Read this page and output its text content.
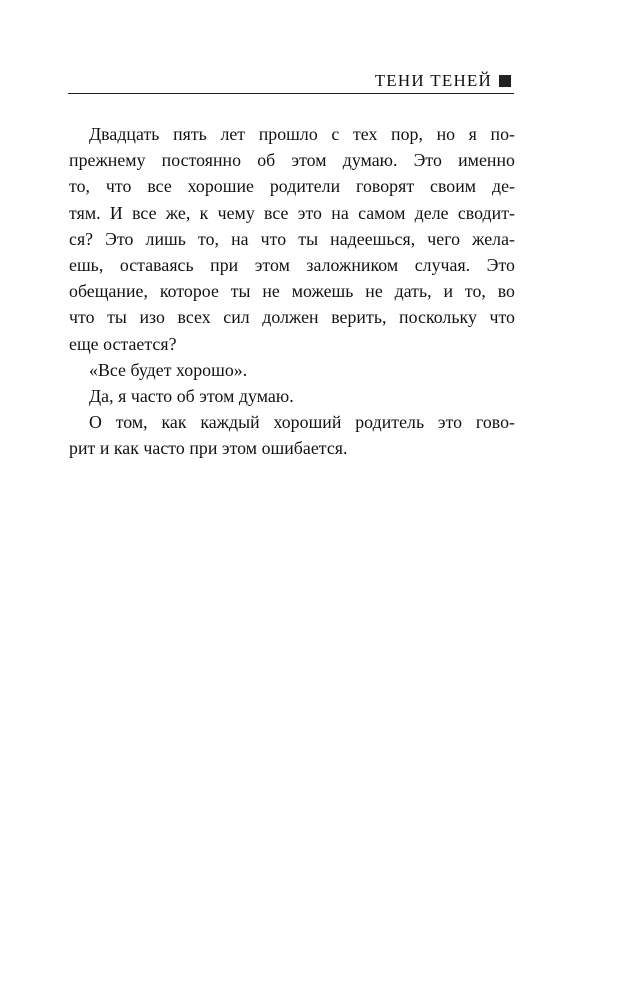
ТЕНИ ТЕНЕЙ
Двадцать пять лет прошло с тех пор, но я по-
прежнему постоянно об этом думаю. Это именно
то, что все хорошие родители говорят своим де-
тям. И все же, к чему все это на самом деле сводит-
ся? Это лишь то, на что ты надеешься, чего жела-
ешь, оставаясь при этом заложником случая. Это
обещание, которое ты не можешь не дать, и то, во
что ты изо всех сил должен верить, поскольку что
еще остается?
«Все будет хорошо».
Да, я часто об этом думаю.
О том, как каждый хороший родитель это гово-
рит и как часто при этом ошибается.
